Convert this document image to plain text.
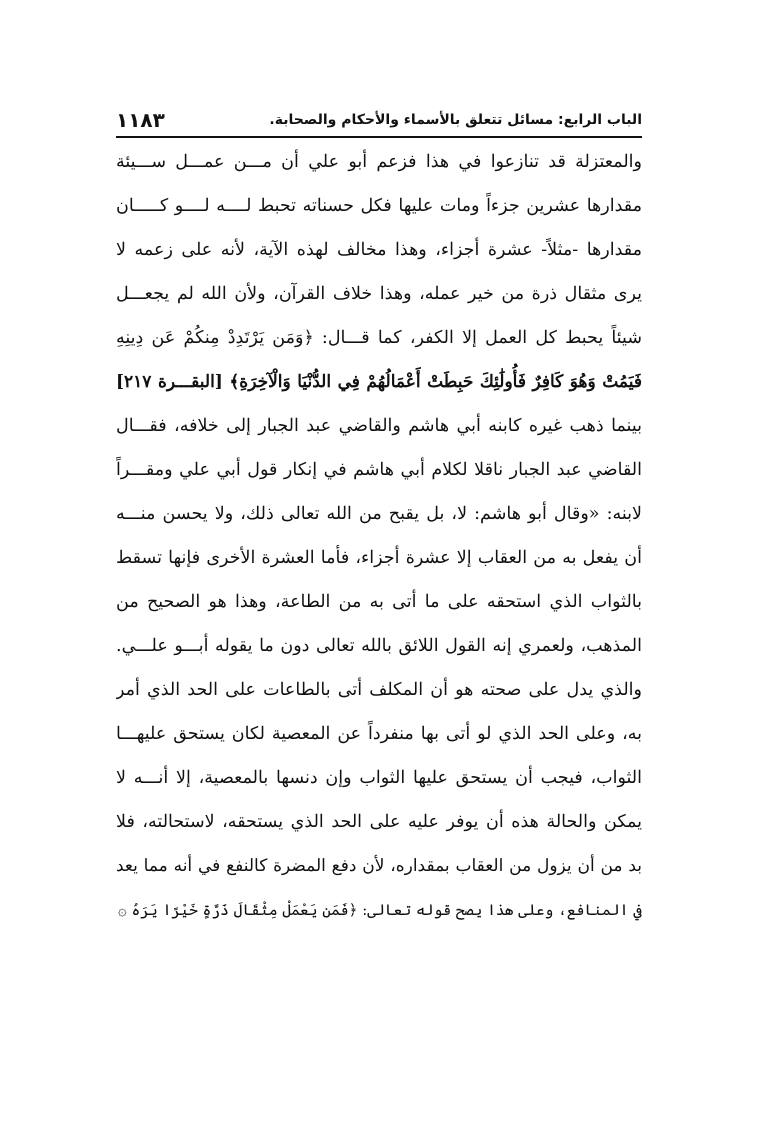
الباب الرابع: مسائل تتعلق بالأسماء والأحكام والصحابة.
١١٨٣
والمعتزلة قد تنازعوا في هذا فزعم أبو علي أن مـــن عمـــل ســـيئة
مقدارها عشرين جزءاً ومات عليها فكل حسناته تحبط لــــه لــــو كـــــان
مقدارها -مثلاً- عشرة أجزاء، وهذا مخالف لهذه الآية، لأنه على زعمه لا
يرى مثقال ذرة من خير عمله، وهذا خلاف القرآن، ولأن الله لم يجعـــل
شيئاً يحبط كل العمل إلا الكفر، كما قـــال: ﴿وَمَن يَرْتَدِدْ مِنكُمْ عَن دِينِهِ
فَيَمُتْ وَهُوَ كَافِرٌ فَأُولَٰئِكَ حَبِطَتْ أَعْمَالُهُمْ فِي الدُّنْيَا وَالْآخِرَةِ﴾ [البقـــرة ٢١٧]
بينما ذهب غيره كابنه أبي هاشم والقاضي عبد الجبار إلى خلافه، فقـــال
القاضي عبد الجبار ناقلا لكلام أبي هاشم في إنكار قول أبي علي ومقـــراً
لابنه: «وقال أبو هاشم: لا، بل يقبح من الله تعالى ذلك، ولا يحسن منـــه
أن يفعل به من العقاب إلا عشرة أجزاء، فأما العشرة الأخرى فإنها تسقط
بالثواب الذي استحقه على ما أتى به من الطاعة، وهذا هو الصحيح من
المذهب، ولعمري إنه القول اللائق بالله تعالى دون ما يقوله أبـــو علـــي.
والذي يدل على صحته هو أن المكلف أتى بالطاعات على الحد الذي أمر
به، وعلى الحد الذي لو أتى بها منفرداً عن المعصية لكان يستحق عليهـــا
الثواب، فيجب أن يستحق عليها الثواب وإن دنسها بالمعصية، إلا أنـــه لا
يمكن والحالة هذه أن يوفر عليه على الحد الذي يستحقه، لاستحالته، فلا
بد من أن يزول من العقاب بمقداره، لأن دفع المضرة كالنفع في أنه مما يعد
في المنافع، وعلى هذا يصح قوله تعالى: ﴿فَمَن يَعْمَلْ مِثْقَالَ ذَرَّةٍ خَيْرًا يَرَهُ ۞
